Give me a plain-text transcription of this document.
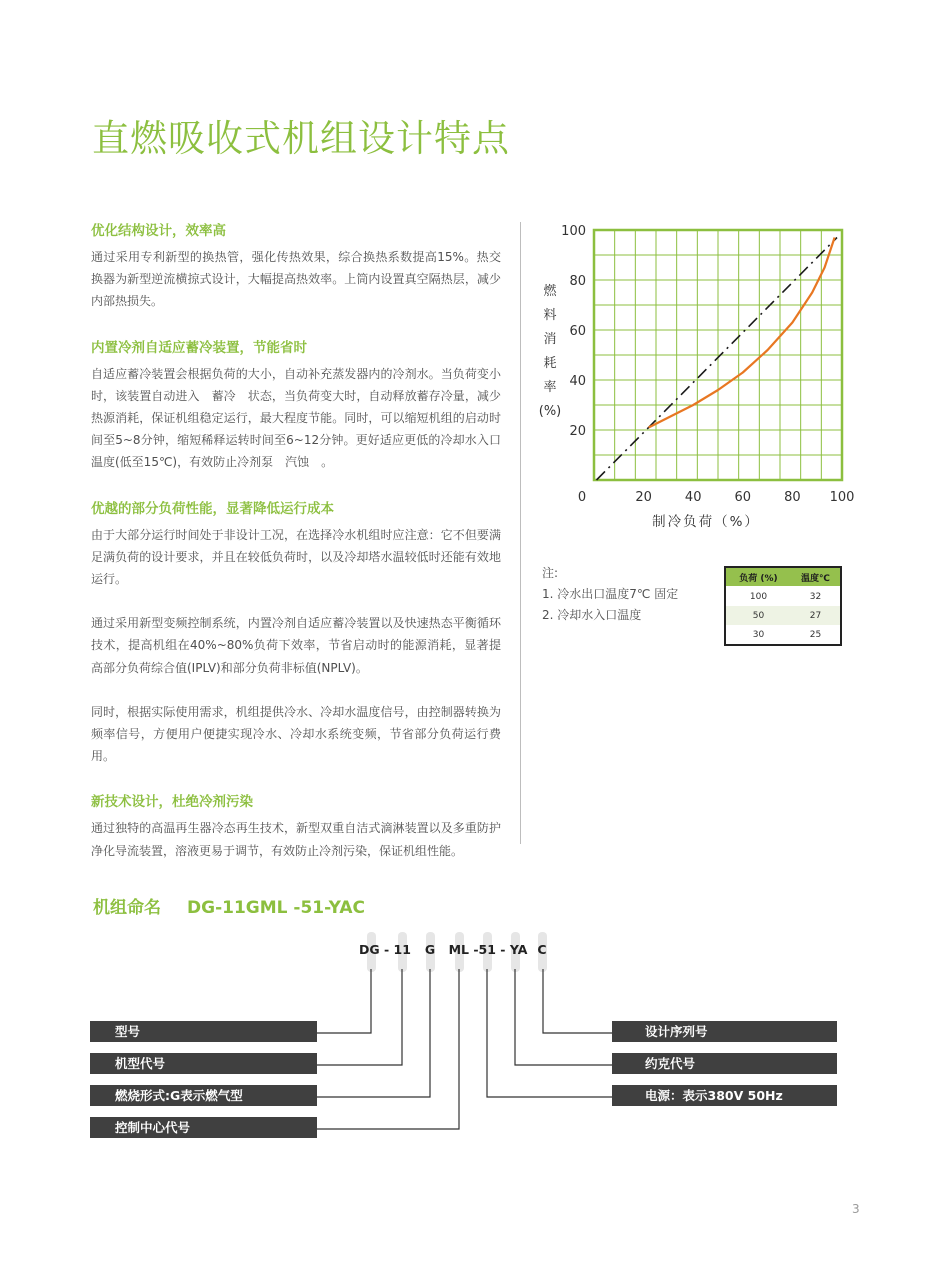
直燃吸收式机组设计特点
优化结构设计，效率高

通过采用专利新型的换热管，强化传热效果，综合换热系数提高15%。热交换器为新型逆流横掠式设计，大幅提高热效率。上筒内设置真空隔热层，减少内部热损失。

内置冷剂自适应蓄冷装置，节能省时

自适应蓄冷装置会根据负荷的大小，自动补充蒸发器内的冷剂水。当负荷变小时，该装置自动进入　蓄冷　状态，当负荷变大时，自动释放蓄存冷量，减少热源消耗，保证机组稳定运行，最大程度节能。同时，可以缩短机组的启动时间至5~8分钟，缩短稀释运转时间至6~12分钟。更好适应更低的冷却水入口温度(低至15℃)，有效防止冷剂泵　汽蚀　。

优越的部分负荷性能，显著降低运行成本

由于大部分运行时间处于非设计工况，在选择冷水机组时应注意：它不但要满足满负荷的设计要求，并且在较低负荷时，以及冷却塔水温较低时还能有效地运行。

通过采用新型变频控制系统，内置冷剂自适应蓄冷装置以及快速热态平衡循环技术，提高机组在40%~80%负荷下效率，节省启动时的能源消耗，显著提高部分负荷综合值(IPLV)和部分负荷非标值(NPLV)。

同时，根据实际使用需求，机组提供冷水、冷却水温度信号，由控制器转换为频率信号，方便用户便捷实现冷水、冷却水系统变频，节省部分负荷运行费用。

新技术设计，杜绝冷剂污染

通过独特的高温再生器冷态再生技术，新型双重自洁式滴淋装置以及多重防护净化导流装置，溶液更易于调节，有效防止冷剂污染，保证机组性能。

0	20	40	60	80 100
20
40
60
80
100
燃
料
消
耗
率
(%)
制冷负荷（%）
注:
1. 冷水出口温度7℃ 固定
2. 冷却水入口温度
负荷 (%)	温度℃
100	32
50	27
30	25
机组命名 DG-11GML -51-YAC
DG - 11 G ML -51 - YA C
型号
机型代号
燃烧形式:G表示燃气型
控制中心代号
设计序列号
约克代号
电源：表示380V 50Hz
3
